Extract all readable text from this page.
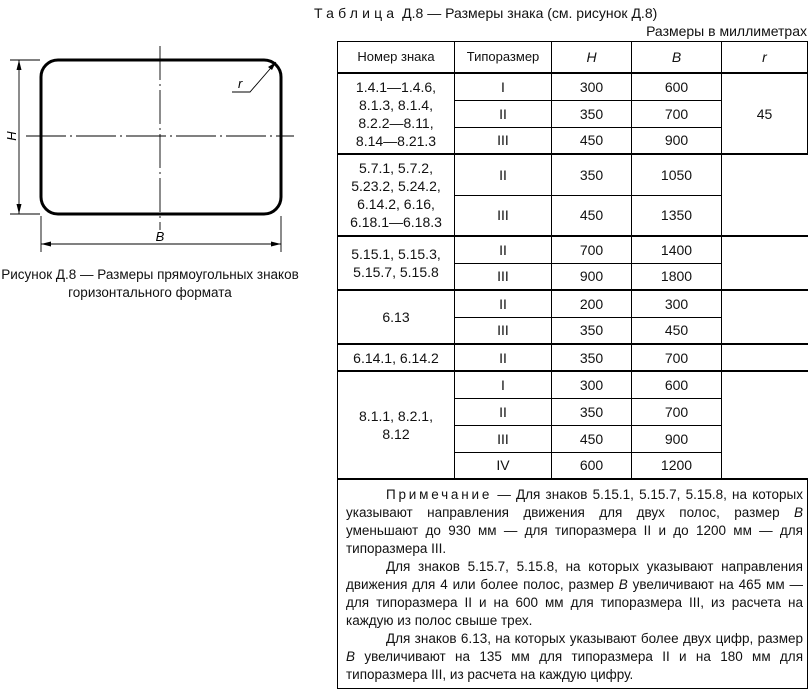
H
B
r
Рисунок Д.8 — Размеры прямоугольных знаков горизонтального формата
Таблица Д.8 — Размеры знака (см. рисунок Д.8)
Размеры в миллиметрах
Номер знака	Типоразмер	H	B	r
1.4.1—1.4.6, 8.1.3, 8.1.4, 8.2.2—8.11, 8.14—8.21.3	I	300	600	45
	II	350	700	
	III	450	900	
5.7.1, 5.7.2, 5.23.2, 5.24.2, 6.14.2, 6.16, 6.18.1—6.18.3	II	350	1050	
	III	450	1350	
5.15.1, 5.15.3, 5.15.7, 5.15.8	II	700	1400	
	III	900	1800	
6.13	II	200	300	
	III	350	450	
6.14.1, 6.14.2	II	350	700	
8.1.1, 8.2.1, 8.12	I	300	600	
	II	350	700	
	III	450	900	
	IV	600	1200	

Примечание — Для знаков 5.15.1, 5.15.7, 5.15.8, на которых указывают направления движения для двух полос, размер B уменьшают до 930 мм — для типоразмера II и до 1200 мм — для типоразмера III.

Для знаков 5.15.7, 5.15.8, на которых указывают направления движения для 4 или более полос, размер B увеличивают на 465 мм — для типоразмера II и на 600 мм для типоразмера III, из расчета на каждую из полос свыше трех.

Для знаков 6.13, на которых указывают более двух цифр, размер B увеличивают на 135 мм для типоразмера II и на 180 мм для типоразмера III, из расчета на каждую цифру.				
